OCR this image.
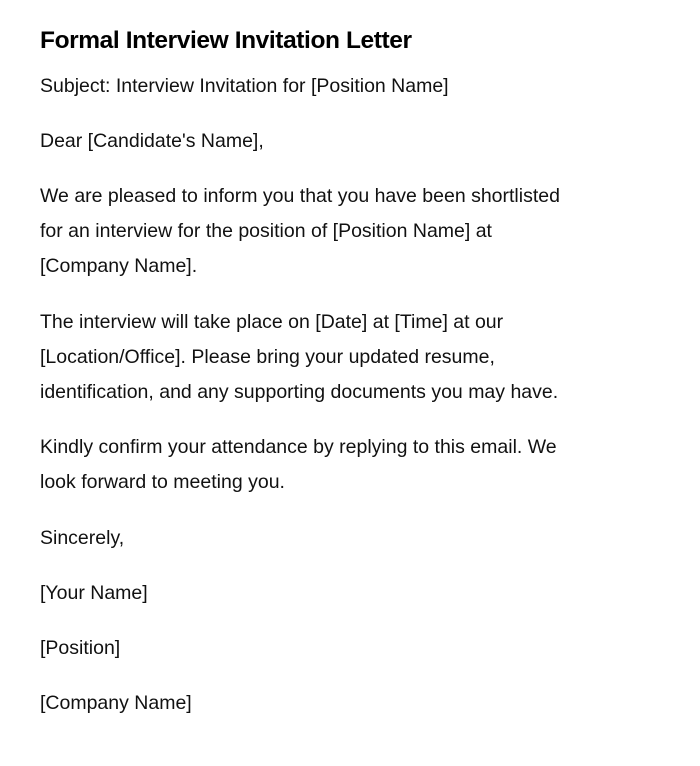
Formal Interview Invitation Letter

Subject: Interview Invitation for [Position Name]

Dear [Candidate's Name],

We are pleased to inform you that you have been shortlisted
for an interview for the position of [Position Name] at
[Company Name].

The interview will take place on [Date] at [Time] at our
[Location/Office]. Please bring your updated resume,
identification, and any supporting documents you may have.

Kindly confirm your attendance by replying to this email. We
look forward to meeting you.

Sincerely,

[Your Name]

[Position]

[Company Name]
